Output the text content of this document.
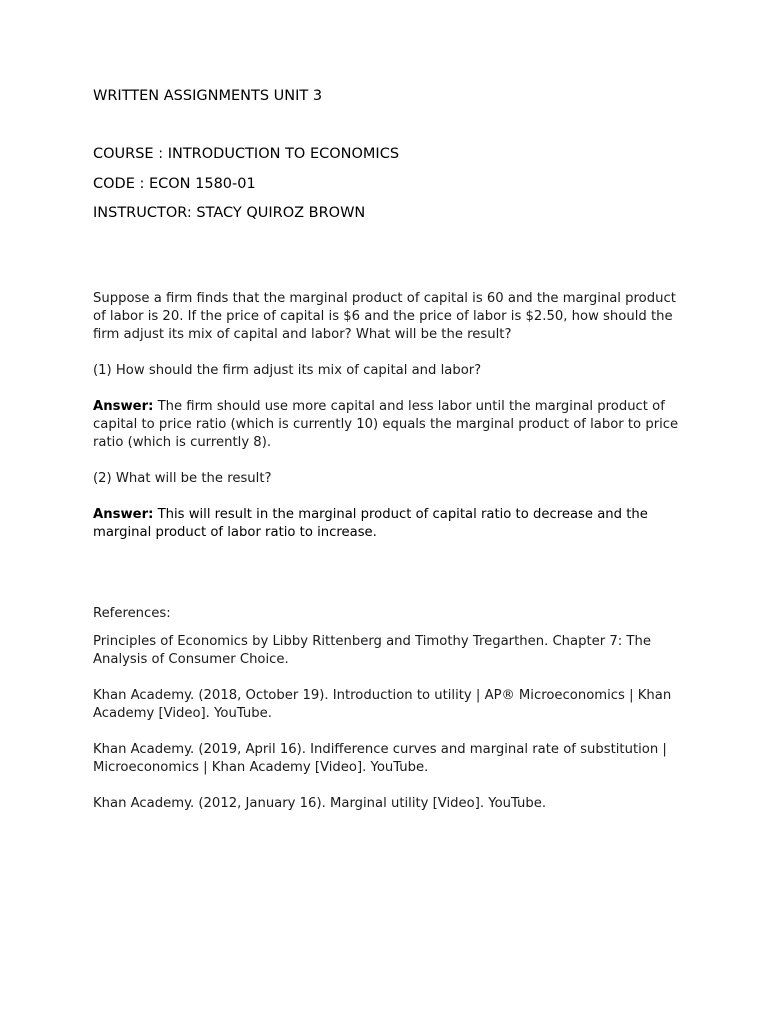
WRITTEN ASSIGNMENTS UNIT 3

COURSE : INTRODUCTION TO ECONOMICS

CODE : ECON 1580-01

INSTRUCTOR: STACY QUIROZ BROWN

Suppose a firm finds that the marginal product of capital is 60 and the marginal product of labor is 20. If the price of capital is $6 and the price of labor is $2.50, how should the firm adjust its mix of capital and labor? What will be the result?

(1) How should the firm adjust its mix of capital and labor?

Answer: The firm should use more capital and less labor until the marginal product of capital to price ratio (which is currently 10) equals the marginal product of labor to price ratio (which is currently 8).

(2) What will be the result?

Answer: This will result in the marginal product of capital ratio to decrease and the marginal product of labor ratio to increase.

References:

Principles of Economics by Libby Rittenberg and Timothy Tregarthen. Chapter 7: The Analysis of Consumer Choice.

Khan Academy. (2018, October 19). Introduction to utility | AP® Microeconomics | Khan Academy [Video]. YouTube.

Khan Academy. (2019, April 16). Indifference curves and marginal rate of substitution | Microeconomics | Khan Academy [Video]. YouTube.

Khan Academy. (2012, January 16). Marginal utility [Video]. YouTube.
